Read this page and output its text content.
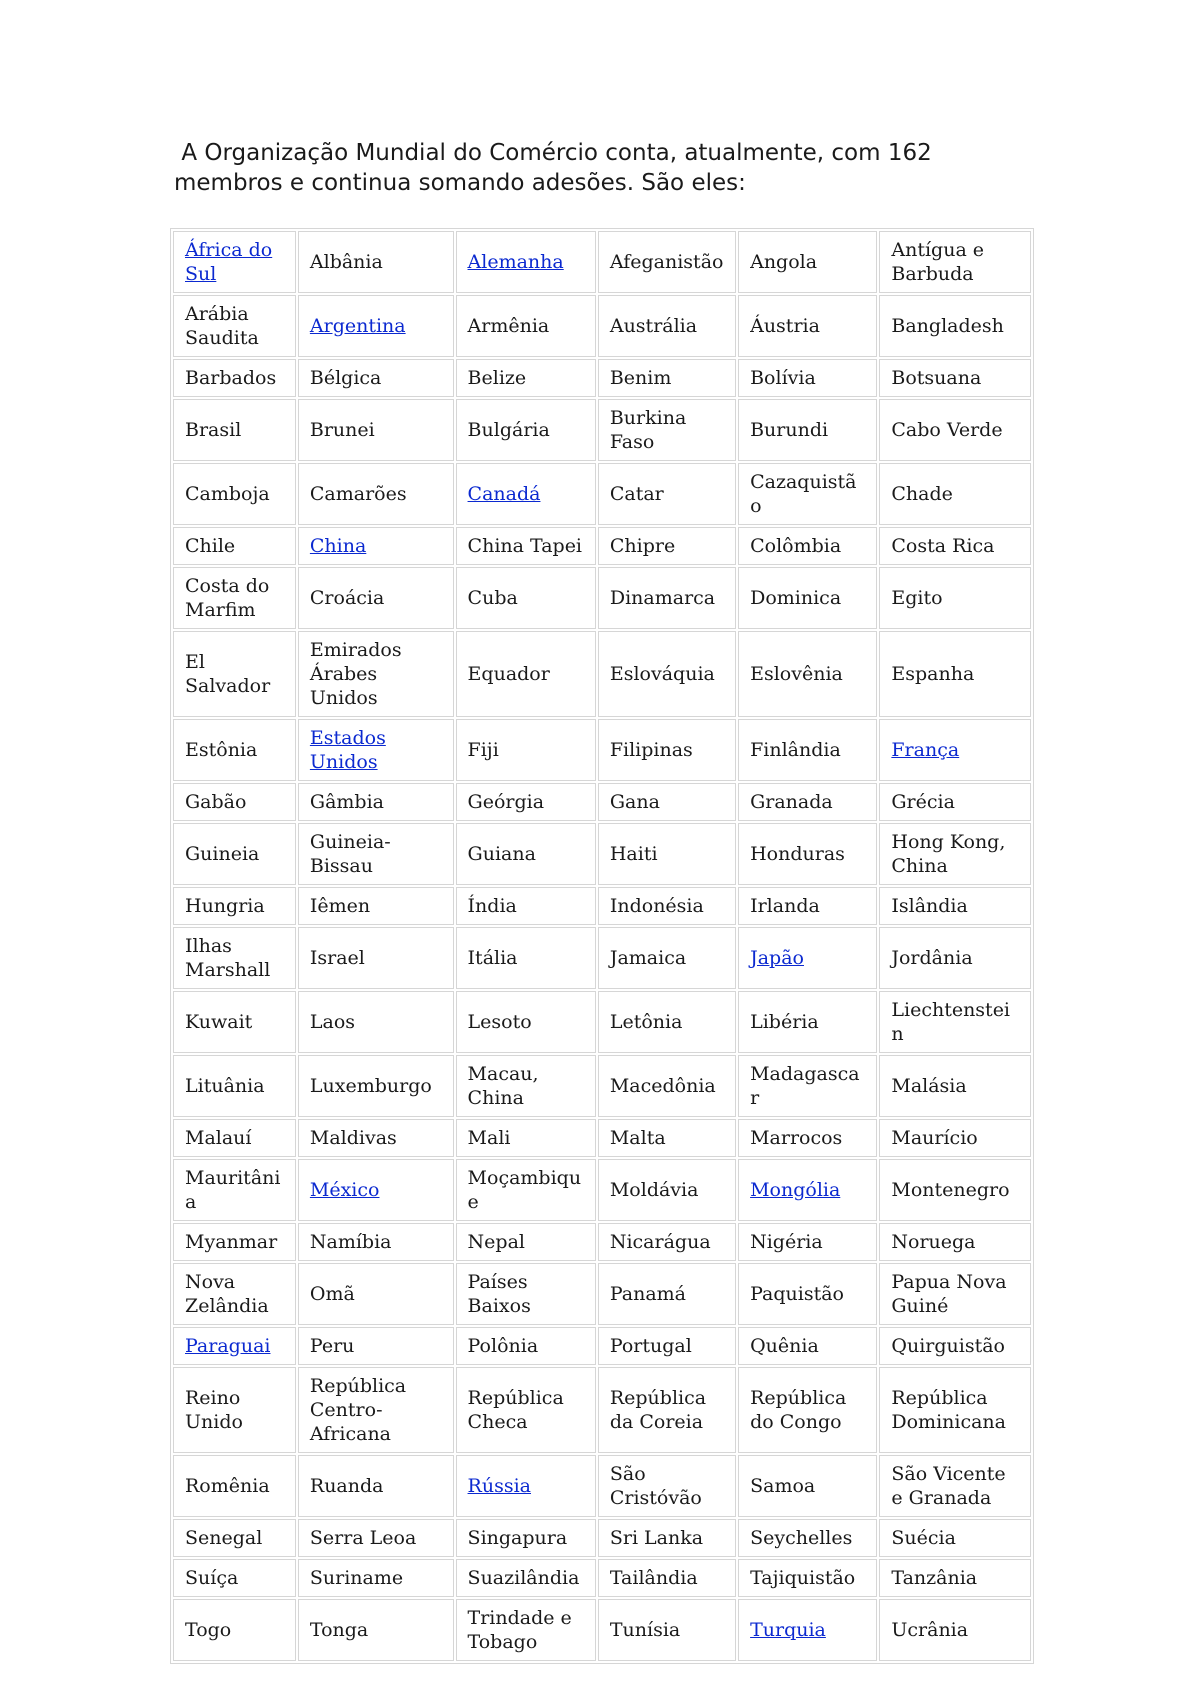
A Organização Mundial do Comércio conta, atualmente, com 162 membros e continua somando adesões. São eles:

África do Sul	Albânia	Alemanha	Afeganistão	Angola	Antígua e Barbuda
Arábia Saudita	Argentina	Armênia	Austrália	Áustria	Bangladesh
Barbados	Bélgica	Belize	Benim	Bolívia	Botsuana
Brasil	Brunei	Bulgária	Burkina Faso	Burundi	Cabo Verde
Camboja	Camarões	Canadá	Catar	Cazaquistão	Chade
Chile	China	China Tapei	Chipre	Colômbia	Costa Rica
Costa do Marfim	Croácia	Cuba	Dinamarca	Dominica	Egito
El Salvador	Emirados Árabes Unidos	Equador	Eslováquia	Eslovênia	Espanha
Estônia	Estados Unidos	Fiji	Filipinas	Finlândia	França
Gabão	Gâmbia	Geórgia	Gana	Granada	Grécia
Guineia	Guineia-Bissau	Guiana	Haiti	Honduras	Hong Kong, China
Hungria	Iêmen	Índia	Indonésia	Irlanda	Islândia
Ilhas Marshall	Israel	Itália	Jamaica	Japão	Jordânia
Kuwait	Laos	Lesoto	Letônia	Libéria	Liechtenstein
Lituânia	Luxemburgo	Macau, China	Macedônia	Madagascar	Malásia
Malauí	Maldivas	Mali	Malta	Marrocos	Maurício
Mauritânia	México	Moçambique	Moldávia	Mongólia	Montenegro
Myanmar	Namíbia	Nepal	Nicarágua	Nigéria	Noruega
Nova Zelândia	Omã	Países Baixos	Panamá	Paquistão	Papua Nova Guiné
Paraguai	Peru	Polônia	Portugal	Quênia	Quirguistão
Reino Unido	República Centro-Africana	República Checa	República da Coreia	República do Congo	República Dominicana
Romênia	Ruanda	Rússia	São Cristóvão	Samoa	São Vicente e Granada
Senegal	Serra Leoa	Singapura	Sri Lanka	Seychelles	Suécia
Suíça	Suriname	Suazilândia	Tailândia	Tajiquistão	Tanzânia
Togo	Tonga	Trindade e Tobago	Tunísia	Turquia	Ucrânia
